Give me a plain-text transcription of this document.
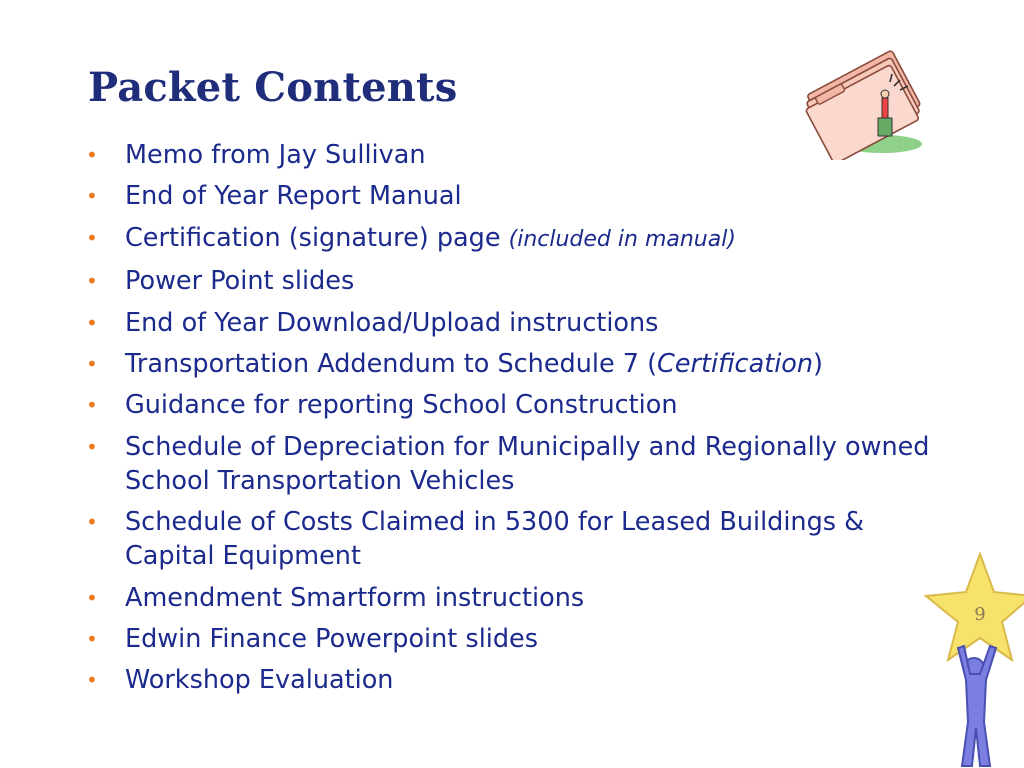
Packet Contents
• Memo from Jay Sullivan
• End of Year Report Manual
• Certification (signature) page (included in manual)
• Power Point slides
• End of Year Download/Upload instructions
• Transportation Addendum to Schedule 7 (Certification)
• Guidance for reporting School Construction
• Schedule of Depreciation for Municipally and Regionally owned School Transportation Vehicles
• Schedule of Costs Claimed in 5300 for Leased Buildings & Capital Equipment
• Amendment Smartform instructions
• Edwin Finance Powerpoint slides
• Workshop Evaluation
9
